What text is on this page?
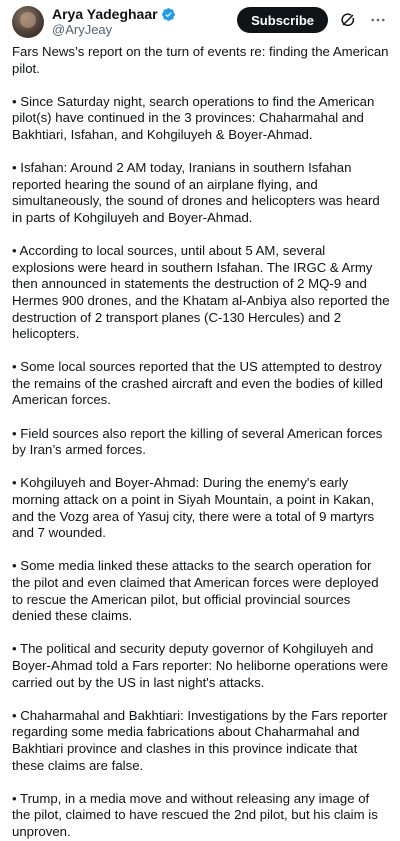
Arya Yadeghaar
@AryJeay
Subscribe

Fars News’s report on the turn of events re: finding the American pilot.

• Since Saturday night, search operations to find the American pilot(s) have continued in the 3 provinces: Chaharmahal and Bakhtiari, Isfahan, and Kohgiluyeh & Boyer-Ahmad.

• Isfahan: Around 2 AM today, Iranians in southern Isfahan reported hearing the sound of an airplane flying, and simultaneously, the sound of drones and helicopters was heard in parts of Kohgiluyeh and Boyer-Ahmad.

• According to local sources, until about 5 AM, several explosions were heard in southern Isfahan. The IRGC & Army then announced in statements the destruction of 2 MQ-9 and Hermes 900 drones, and the Khatam al-Anbiya also reported the destruction of 2 transport planes (C-130 Hercules) and 2 helicopters.

• Some local sources reported that the US attempted to destroy the remains of the crashed aircraft and even the bodies of killed American forces.

• Field sources also report the killing of several American forces by Iran’s armed forces.

• Kohgiluyeh and Boyer-Ahmad: During the enemy's early morning attack on a point in Siyah Mountain, a point in Kakan, and the Vozg area of Yasuj city, there were a total of 9 martyrs and 7 wounded.

• Some media linked these attacks to the search operation for the pilot and even claimed that American forces were deployed to rescue the American pilot, but official provincial sources denied these claims.

• The political and security deputy governor of Kohgiluyeh and Boyer-Ahmad told a Fars reporter: No heliborne operations were carried out by the US in last night's attacks.

• Chaharmahal and Bakhtiari: Investigations by the Fars reporter regarding some media fabrications about Chaharmahal and Bakhtiari province and clashes in this province indicate that these claims are false.

• Trump, in a media move and without releasing any image of the pilot, claimed to have rescued the 2nd pilot, but his claim is unproven.
